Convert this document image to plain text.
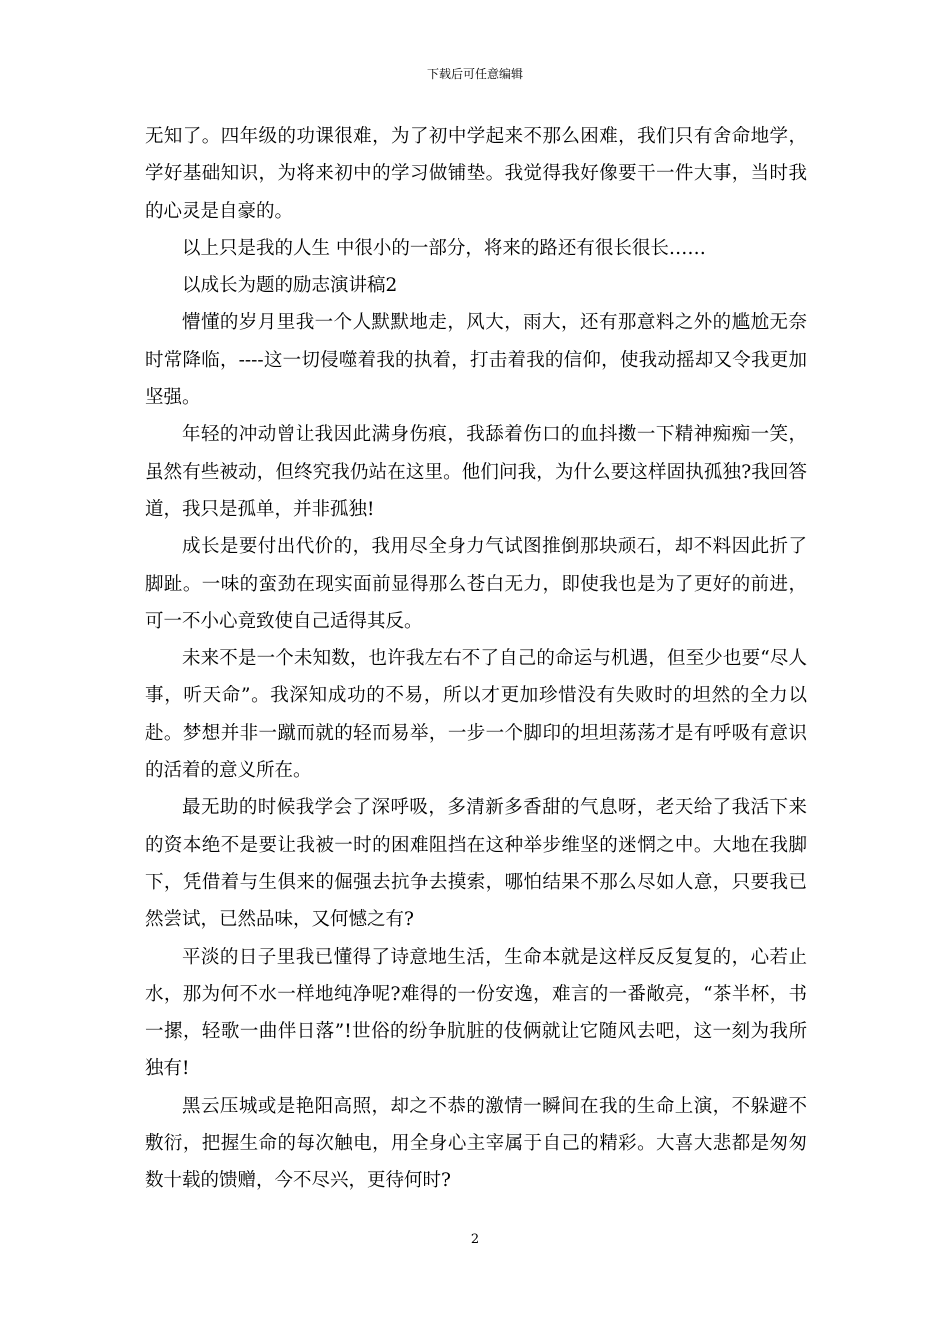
下载后可任意编辑

无知了。四年级的功课很难，为了初中学起来不那么困难，我们只有舍命地学，学好基础知识，为将来初中的学习做铺垫。我觉得我好像要干一件大事，当时我的心灵是自豪的。

以上只是我的人生 中很小的一部分，将来的路还有很长很长……

以成长为题的励志演讲稿2

懵懂的岁月里我一个人默默地走，风大，雨大，还有那意料之外的尴尬无奈时常降临，----这一切侵噬着我的执着，打击着我的信仰，使我动摇却又令我更加坚强。

年轻的冲动曾让我因此满身伤痕，我舔着伤口的血抖擞一下精神痴痴一笑，虽然有些被动，但终究我仍站在这里。他们问我，为什么要这样固执孤独?我回答道，我只是孤单，并非孤独!

成长是要付出代价的，我用尽全身力气试图推倒那块顽石，却不料因此折了脚趾。一味的蛮劲在现实面前显得那么苍白无力，即使我也是为了更好的前进，可一不小心竟致使自己适得其反。

未来不是一个未知数，也许我左右不了自己的命运与机遇，但至少也要“尽人事，听天命”。我深知成功的不易，所以才更加珍惜没有失败时的坦然的全力以赴。梦想并非一蹴而就的轻而易举，一步一个脚印的坦坦荡荡才是有呼吸有意识的活着的意义所在。

最无助的时候我学会了深呼吸，多清新多香甜的气息呀，老天给了我活下来的资本绝不是要让我被一时的困难阻挡在这种举步维坚的迷惘之中。大地在我脚下，凭借着与生俱来的倔强去抗争去摸索，哪怕结果不那么尽如人意，只要我已然尝试，已然品味，又何憾之有?

平淡的日子里我已懂得了诗意地生活，生命本就是这样反反复复的，心若止水，那为何不水一样地纯净呢?难得的一份安逸，难言的一番敞亮，“茶半杯，书一摞，轻歌一曲伴日落”!世俗的纷争肮脏的伎俩就让它随风去吧，这一刻为我所独有!

黑云压城或是艳阳高照，却之不恭的激情一瞬间在我的生命上演，不躲避不敷衍，把握生命的每次触电，用全身心主宰属于自己的精彩。大喜大悲都是匆匆数十载的馈赠，今不尽兴，更待何时?

2
